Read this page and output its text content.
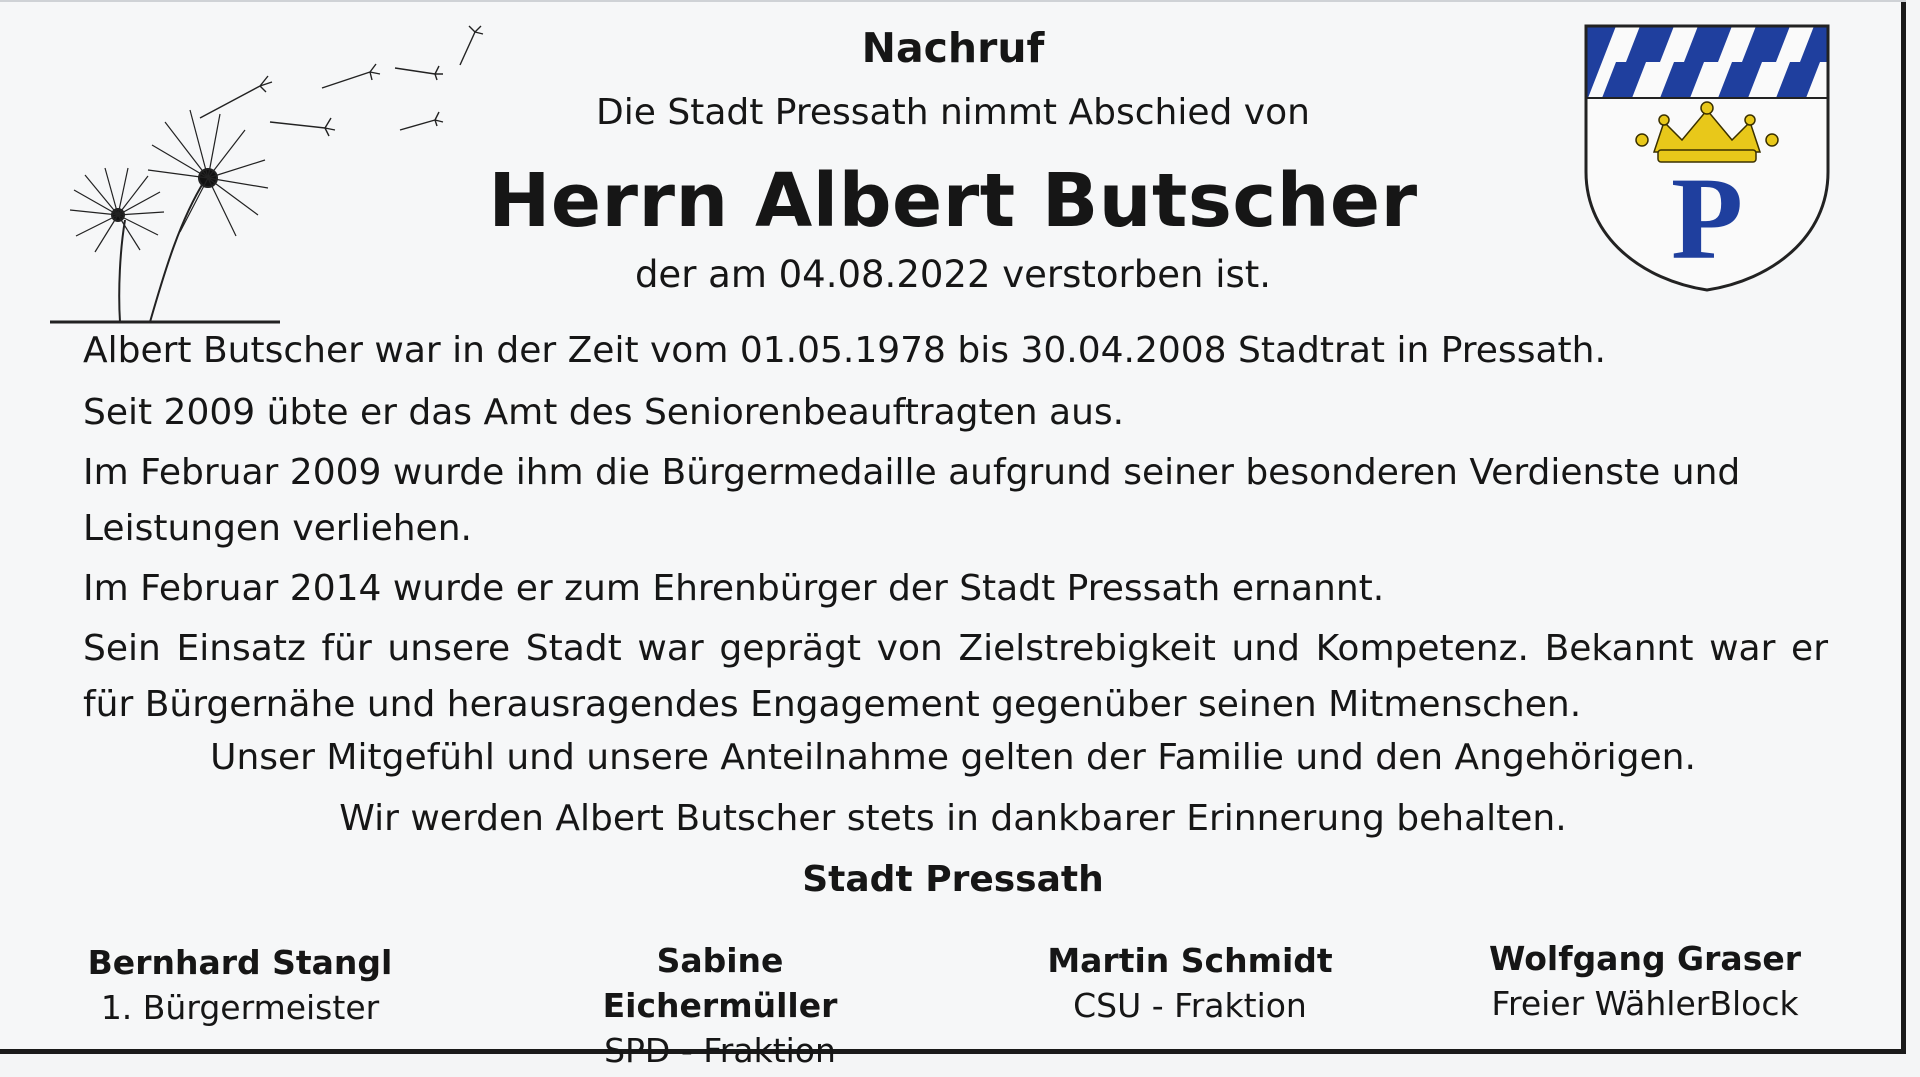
P
Nachruf
Die Stadt Pressath nimmt Abschied von
Herrn Albert Butscher
der am 04.08.2022 verstorben ist.
Albert Butscher war in der Zeit vom 01.05.1978 bis 30.04.2008 Stadtrat in Pressath.
Seit 2009 übte er das Amt des Seniorenbeauftragten aus.
Im Februar 2009 wurde ihm die Bürgermedaille aufgrund seiner besonderen Verdienste und Leistungen verliehen.
Im Februar 2014 wurde er zum Ehrenbürger der Stadt Pressath ernannt.
Sein Einsatz für unsere Stadt war geprägt von Zielstrebigkeit und Kompetenz. Bekannt war er für Bürgernähe und herausragendes Engagement gegenüber seinen Mitmenschen.
Unser Mitgefühl und unsere Anteilnahme gelten der Familie und den Angehörigen.
Wir werden Albert Butscher stets in dankbarer Erinnerung behalten.
Stadt Pressath
Bernhard Stangl
1. Bürgermeister
Sabine Eichermüller
SPD - Fraktion
Martin Schmidt
CSU - Fraktion
Wolfgang Graser
Freier WählerBlock
